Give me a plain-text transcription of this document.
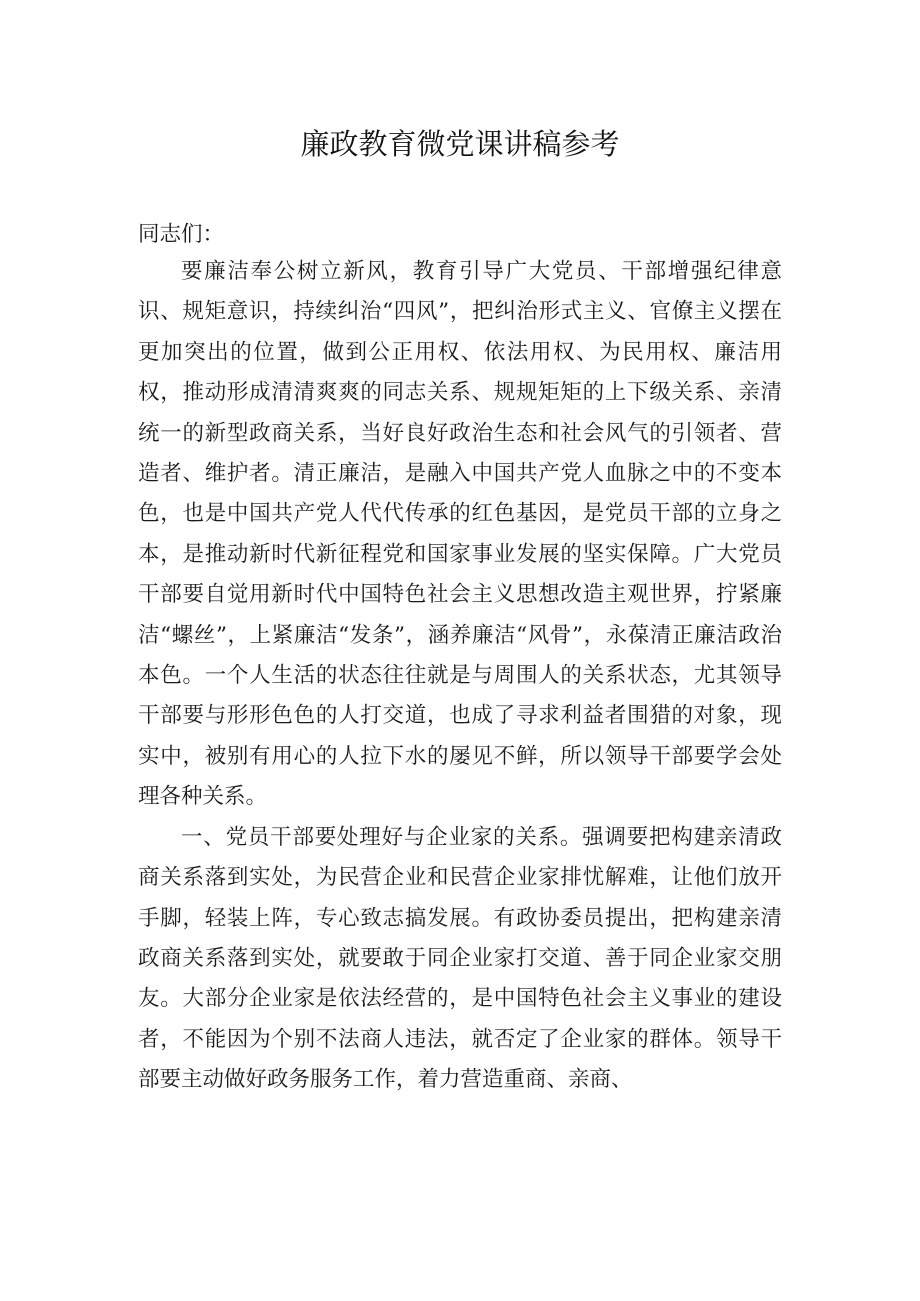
廉政教育微党课讲稿参考

同志们：

要廉洁奉公树立新风，教育引导广大党员、干部增强纪律意识、规矩意识，持续纠治“四风”，把纠治形式主义、官僚主义摆在更加突出的位置，做到公正用权、依法用权、为民用权、廉洁用权，推动形成清清爽爽的同志关系、规规矩矩的上下级关系、亲清统一的新型政商关系，当好良好政治生态和社会风气的引领者、营造者、维护者。清正廉洁，是融入中国共产党人血脉之中的不变本色，也是中国共产党人代代传承的红色基因，是党员干部的立身之本，是推动新时代新征程党和国家事业发展的坚实保障。广大党员干部要自觉用新时代中国特色社会主义思想改造主观世界，拧紧廉洁“螺丝”，上紧廉洁“发条”，涵养廉洁“风骨”，永葆清正廉洁政治本色。一个人生活的状态往往就是与周围人的关系状态，尤其领导干部要与形形色色的人打交道，也成了寻求利益者围猎的对象，现实中，被别有用心的人拉下水的屡见不鲜，所以领导干部要学会处理各种关系。

一、党员干部要处理好与企业家的关系。强调要把构建亲清政商关系落到实处，为民营企业和民营企业家排忧解难，让他们放开手脚，轻装上阵，专心致志搞发展。有政协委员提出，把构建亲清政商关系落到实处，就要敢于同企业家打交道、善于同企业家交朋友。大部分企业家是依法经营的，是中国特色社会主义事业的建设者，不能因为个别不法商人违法，就否定了企业家的群体。领导干部要主动做好政务服务工作，着力营造重商、亲商、
